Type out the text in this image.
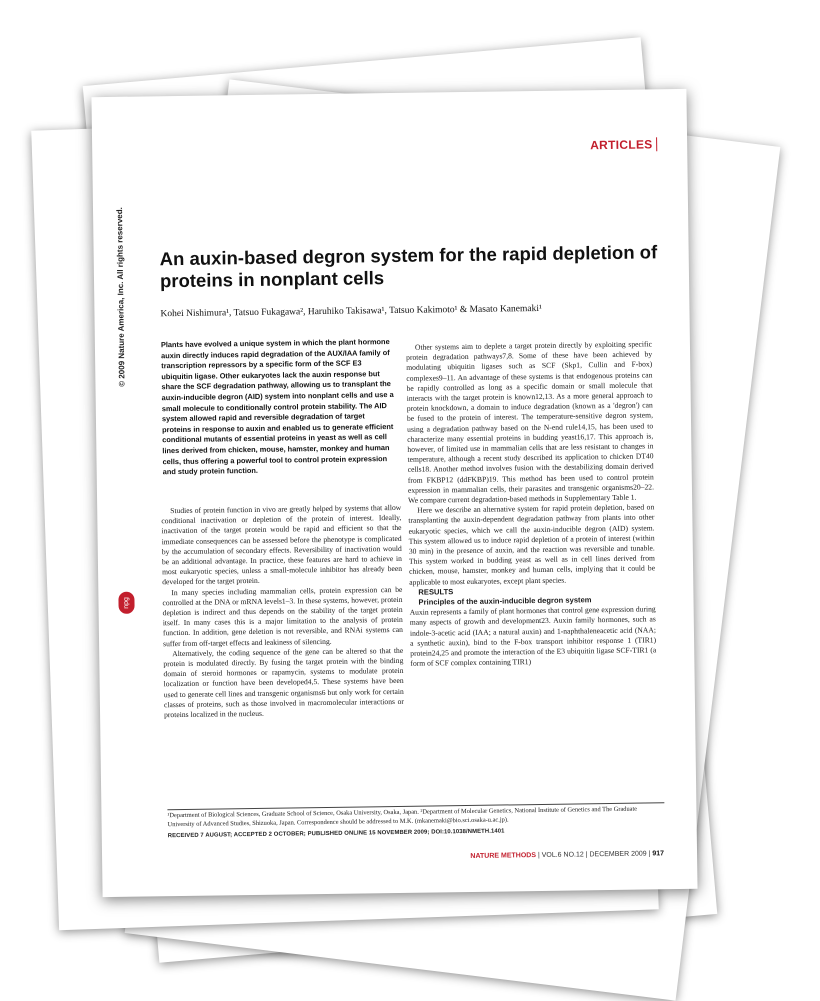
ARTICLES
© 2009 Nature America, Inc. All rights reserved.
npg
An auxin-based degron system for the rapid depletion of proteins in nonplant cells
Kohei Nishimura¹, Tatsuo Fukagawa², Haruhiko Takisawa¹, Tatsuo Kakimoto¹ & Masato Kanemaki¹
Plants have evolved a unique system in which the plant hormone auxin directly induces rapid degradation of the AUX/IAA family of transcription repressors by a specific form of the SCF E3 ubiquitin ligase. Other eukaryotes lack the auxin response but share the SCF degradation pathway, allowing us to transplant the auxin-inducible degron (AID) system into nonplant cells and use a small molecule to conditionally control protein stability. The AID system allowed rapid and reversible degradation of target proteins in response to auxin and enabled us to generate efficient conditional mutants of essential proteins in yeast as well as cell lines derived from chicken, mouse, hamster, monkey and human cells, thus offering a powerful tool to control protein expression and study protein function.

Studies of protein function in vivo are greatly helped by systems that allow conditional inactivation or depletion of the protein of interest. Ideally, inactivation of the target protein would be rapid and efficient so that the immediate consequences can be assessed before the phenotype is complicated by the accumulation of secondary effects. Reversibility of inactivation would be an additional advantage. In practice, these features are hard to achieve in most eukaryotic species, unless a small-molecule inhibitor has already been developed for the target protein.

In many species including mammalian cells, protein expression can be controlled at the DNA or mRNA levels1–3. In these systems, however, protein depletion is indirect and thus depends on the stability of the target protein itself. In many cases this is a major limitation to the analysis of protein function. In addition, gene deletion is not reversible, and RNAi systems can suffer from off-target effects and leakiness of silencing.

Alternatively, the coding sequence of the gene can be altered so that the protein is modulated directly. By fusing the target protein with the binding domain of steroid hormones or rapamycin, systems to modulate protein localization or function have been developed4,5. These systems have been used to generate cell lines and transgenic organisms6 but only work for certain classes of proteins, such as those involved in macromolecular interactions or proteins localized in the nucleus.

Other systems aim to deplete a target protein directly by exploiting specific protein degradation pathways7,8. Some of these have been achieved by modulating ubiquitin ligases such as SCF (Skp1, Cullin and F-box) complexes9–11. An advantage of these systems is that endogenous proteins can be rapidly controlled as long as a specific domain or small molecule that interacts with the target protein is known12,13. As a more general approach to protein knockdown, a domain to induce degradation (known as a 'degron') can be fused to the protein of interest. The temperature-sensitive degron system, using a degradation pathway based on the N-end rule14,15, has been used to characterize many essential proteins in budding yeast16,17. This approach is, however, of limited use in mammalian cells that are less resistant to changes in temperature, although a recent study described its application to chicken DT40 cells18. Another method involves fusion with the destabilizing domain derived from FKBP12 (ddFKBP)19. This method has been used to control protein expression in mammalian cells, their parasites and transgenic organisms20–22. We compare current degradation-based methods in Supplementary Table 1.

Here we describe an alternative system for rapid protein depletion, based on transplanting the auxin-dependent degradation pathway from plants into other eukaryotic species, which we call the auxin-inducible degron (AID) system. This system allowed us to induce rapid depletion of a protein of interest (within 30 min) in the presence of auxin, and the reaction was reversible and tunable. This system worked in budding yeast as well as in cell lines derived from chicken, mouse, hamster, monkey and human cells, implying that it could be applicable to most eukaryotes, except plant species.

RESULTS

Principles of the auxin-inducible degron system

Auxin represents a family of plant hormones that control gene expression during many aspects of growth and development23. Auxin family hormones, such as indole-3-acetic acid (IAA; a natural auxin) and 1-naphthaleneacetic acid (NAA; a synthetic auxin), bind to the F-box transport inhibitor response 1 (TIR1) protein24,25 and promote the interaction of the E3 ubiquitin ligase SCF-TIR1 (a form of SCF complex containing TIR1)

¹Department of Biological Sciences, Graduate School of Science, Osaka University, Osaka, Japan. ²Department of Molecular Genetics, National Institute of Genetics and The Graduate University of Advanced Studies, Shizuoka, Japan. Correspondence should be addressed to M.K. (mkanemaki@bio.sci.osaka-u.ac.jp).
RECEIVED 7 AUGUST; ACCEPTED 2 OCTOBER; PUBLISHED ONLINE 15 NOVEMBER 2009; DOI:10.1038/NMETH.1401
NATURE METHODS | VOL.6 NO.12 | DECEMBER 2009 | 917
